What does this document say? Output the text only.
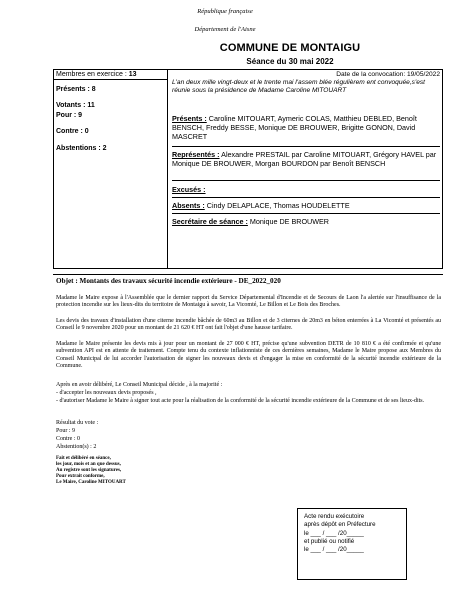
République française
Département de l'Aisne
COMMUNE DE MONTAIGU
Séance du 30 mai 2022
Membres en exercice : 13
Présents : 8
Votants : 11
Pour : 9
Contre : 0
Abstentions : 2
Date de la convocation: 19/05/2022
L'an deux mille vingt-deux et le trente mai l'assem blée régulièrem ent convoquée,s'est réunie sous la présidence de Madame Caroline MITOUART
Présents : Caroline MITOUART, Aymeric COLAS, Matthieu DEBLED, Benoît BENSCH, Freddy BESSE, Monique DE BROUWER, Brigitte GONON, David MASCRET
Représentés : Alexandre PRESTAIL par Caroline MITOUART, Grégory HAVEL par Monique DE BROUWER, Morgan BOURDON par Benoît BENSCH
Excusés :
Absents : Cindy DELAPLACE, Thomas HOUDELETTE
Secrétaire de séance : Monique DE BROUWER
Objet : Montants des travaux sécurité incendie extérieure - DE_2022_020
Madame le Maire expose à l'Assemblée que le dernier rapport du Service Départemental d'Incendie et de Secours de Laon l'a alertée sur l'insuffisance de la protection incendie sur les lieux-dits du territoire de Montaigu à savoir, La Vicomté, Le Billon et Le Bois des Broches.
Les devis des travaux d'installation d'une citerne incendie bâchée de 60m3 au Billon et de 3 citernes de 20m3 en béton enterrées à La Vicomté et présentés au Conseil le 9 novembre 2020 pour un montant de 21 620 € HT ont fait l'objet d'une hausse tarifaire.
Madame le Maire présente les devis mis à jour pour un montant de 27 000 € HT, précise qu'une subvention DETR de 10 810 € a été confirmée et qu'une subvention API est en attente de traitement. Compte tenu du contexte inflationniste de ces dernières semaines, Madame le Maire propose aux Membres du Conseil Municipal de lui accorder l'autorisation de signer les nouveaux devis et d'engager la mise en conformité de la sécurité incendie extérieure de la Commune.
Après en avoir délibéré, Le Conseil Municipal décide , à la majorité :
- d'accepter les nouveaux devis proposés ,
- d'autoriser Madame le Maire à signer tout acte pour la réalisation de la conformité de la sécurité incendie extérieure de la Commune et de ses lieux-dits.
Résultat du vote :
Pour : 9
Contre : 0
Abstention(s) : 2
Fait et délibéré en séance,
les jour, mois et an que dessus,
Au registre sont les signatures,
Pour extrait conforme,
Le Maire, Caroline MITOUART
Acte rendu exécutoire
après dépôt en Préfecture
le ___ / ___ /20_____
et publié ou notifié
le ___ / ___ /20_____
